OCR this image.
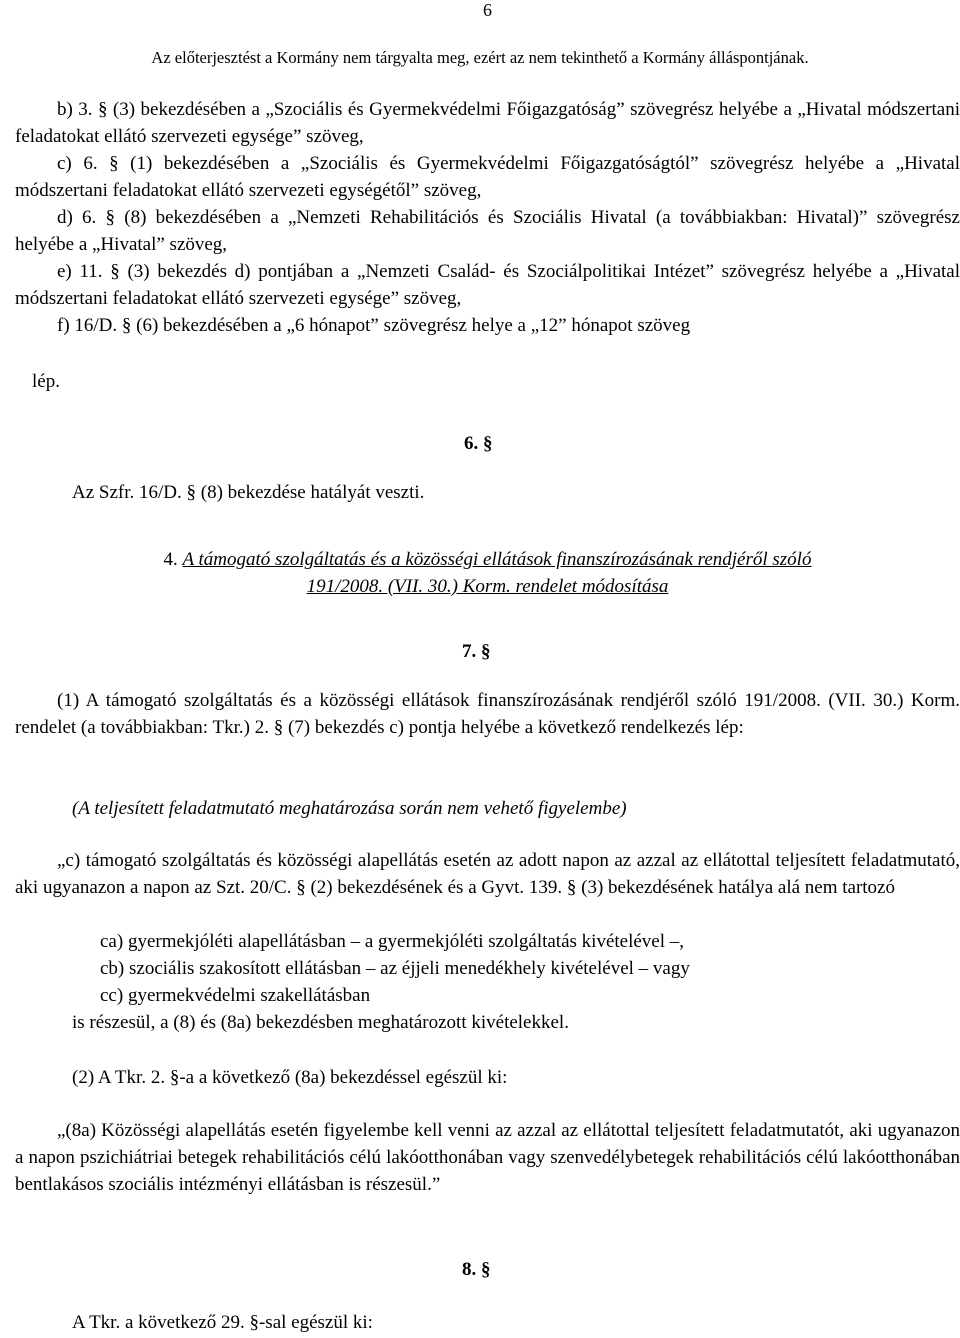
6
Az előterjesztést a Kormány nem tárgyalta meg, ezért az nem tekinthető a Kormány álláspontjának.
b) 3. § (3) bekezdésében a „Szociális és Gyermekvédelmi Főigazgatóság” szövegrész helyébe a „Hivatal módszertani feladatokat ellátó szervezeti egysége” szöveg,
c) 6. § (1) bekezdésében a „Szociális és Gyermekvédelmi Főigazgatóságtól” szövegrész helyébe a „Hivatal módszertani feladatokat ellátó szervezeti egységétől” szöveg,
d) 6. § (8) bekezdésében a „Nemzeti Rehabilitációs és Szociális Hivatal (a továbbiakban: Hivatal)” szövegrész helyébe a „Hivatal” szöveg,
e) 11. § (3) bekezdés d) pontjában a „Nemzeti Család- és Szociálpolitikai Intézet” szövegrész helyébe a „Hivatal módszertani feladatokat ellátó szervezeti egysége” szöveg,
f) 16/D. § (6) bekezdésében a „6 hónapot” szövegrész helye a „12” hónapot szöveg
lép.
6. §
Az Szfr. 16/D. § (8) bekezdése hatályát veszti.
4. A támogató szolgáltatás és a közösségi ellátások finanszírozásának rendjéről szóló
191/2008. (VII. 30.) Korm. rendelet módosítása
7. §
(1) A támogató szolgáltatás és a közösségi ellátások finanszírozásának rendjéről szóló 191/2008. (VII. 30.) Korm. rendelet (a továbbiakban: Tkr.) 2. § (7) bekezdés c) pontja helyébe a következő rendelkezés lép:
(A teljesített feladatmutató meghatározása során nem vehető figyelembe)
„c) támogató szolgáltatás és közösségi alapellátás esetén az adott napon az azzal az ellátottal teljesített feladatmutató, aki ugyanazon a napon az Szt. 20/C. § (2) bekezdésének és a Gyvt. 139. § (3) bekezdésének hatálya alá nem tartozó
ca) gyermekjóléti alapellátásban – a gyermekjóléti szolgáltatás kivételével –,
cb) szociális szakosított ellátásban – az éjjeli menedékhely kivételével – vagy
cc) gyermekvédelmi szakellátásban
is részesül, a (8) és (8a) bekezdésben meghatározott kivételekkel.
(2) A Tkr. 2. §-a a következő (8a) bekezdéssel egészül ki:
„(8a) Közösségi alapellátás esetén figyelembe kell venni az azzal az ellátottal teljesített feladatmutatót, aki ugyanazon a napon pszichiátriai betegek rehabilitációs célú lakóotthonában vagy szenvedélybetegek rehabilitációs célú lakóotthonában bentlakásos szociális intézményi ellátásban is részesül.”
8. §
A Tkr. a következő 29. §-sal egészül ki:
